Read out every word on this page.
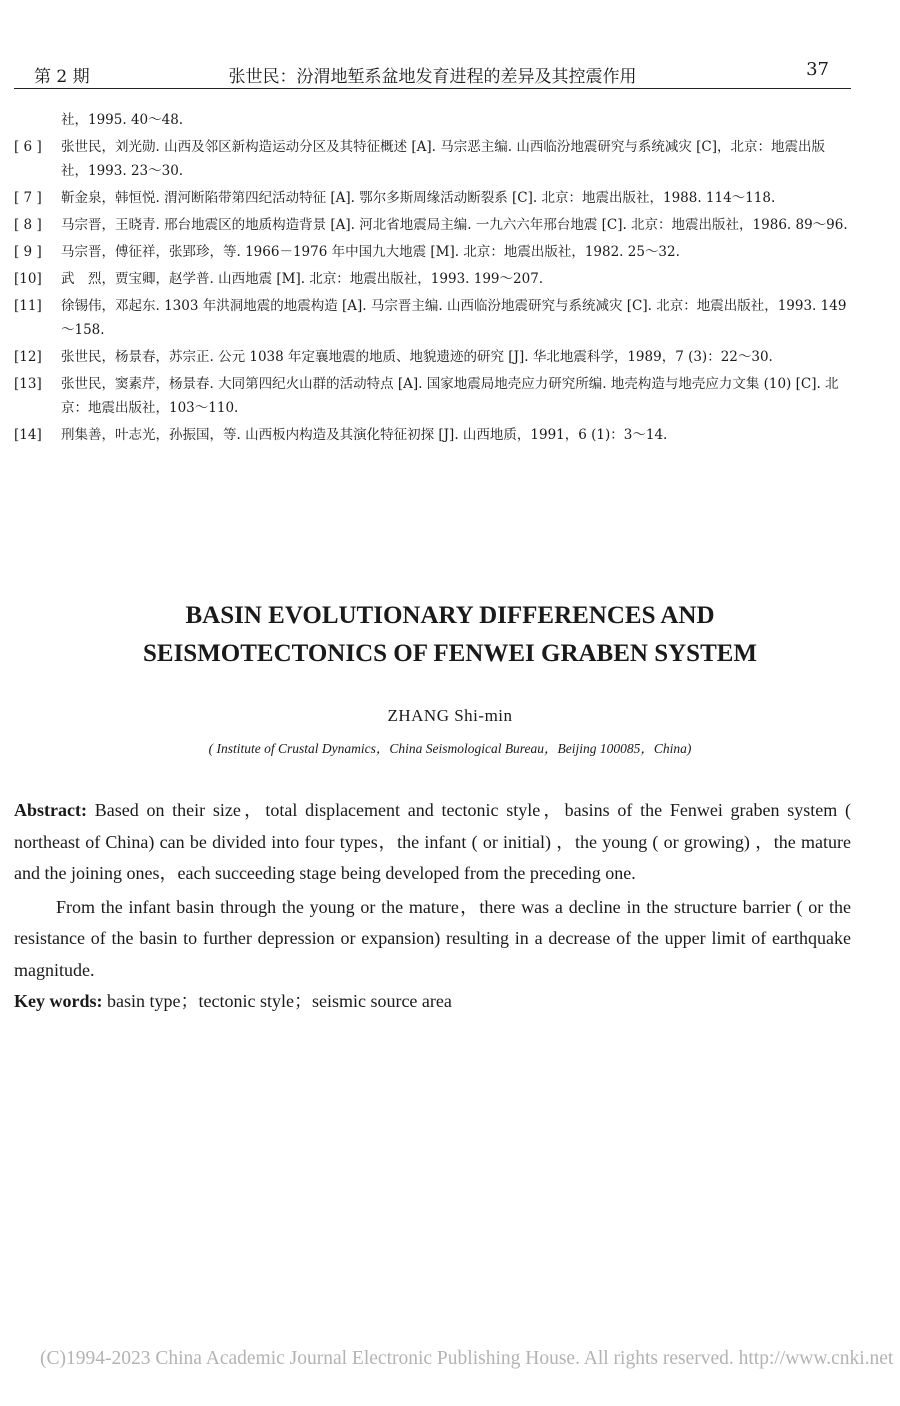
第 2 期	张世民：汾渭地堑系盆地发育进程的差异及其控震作用	37
社，1995. 40～48.
[ 6 ]	张世民，刘光勋. 山西及邻区新构造运动分区及其特征概述 [A]. 马宗恶主编. 山西临汾地震研究与系统减灾 [C]，北京：地震出版社，1993. 23～30.
[ 7 ]	靳金泉，韩恒悦. 渭河断陷带第四纪活动特征 [A]. 鄂尔多斯周缘活动断裂系 [C]. 北京：地震出版社，1988. 114～118.
[ 8 ]	马宗晋，王晓青. 邢台地震区的地质构造背景 [A]. 河北省地震局主编. 一九六六年邢台地震 [C]. 北京：地震出版社，1986. 89～96.
[ 9 ]	马宗晋，傅征祥，张郢珍，等. 1966－1976 年中国九大地震 [M]. 北京：地震出版社，1982. 25～32.
[10]	武　烈，贾宝卿，赵学普. 山西地震 [M]. 北京：地震出版社，1993. 199～207.
[11]	徐锡伟，邓起东. 1303 年洪洞地震的地震构造 [A]. 马宗晋主编. 山西临汾地震研究与系统减灾 [C]. 北京：地震出版社，1993. 149～158.
[12]	张世民，杨景春，苏宗正. 公元 1038 年定襄地震的地质、地貌遗迹的研究 [J]. 华北地震科学，1989，7 (3)：22～30.
[13]	张世民，窦素芹，杨景春. 大同第四纪火山群的活动特点 [A]. 国家地震局地壳应力研究所编. 地壳构造与地壳应力文集 (10) [C]. 北京：地震出版社，103～110.
[14]	刑集善，叶志光，孙振国，等. 山西板内构造及其演化特征初探 [J]. 山西地质，1991，6 (1)：3～14.
BASIN EVOLUTIONARY DIFFERENCES AND
SEISMOTECTONICS OF FENWEI GRABEN SYSTEM
ZHANG Shi-min
( Institute of Crustal Dynamics，China Seismological Bureau，Beijing 100085，China)

Abstract: Based on their size，total displacement and tectonic style，basins of the Fenwei graben system ( northeast of China) can be divided into four types，the infant ( or initial) ，the young ( or growing) ，the mature and the joining ones，each succeeding stage being developed from the preceding one.

From the infant basin through the young or the mature，there was a decline in the structure barrier ( or the resistance of the basin to further depression or expansion) resulting in a decrease of the upper limit of earthquake magnitude.

Key words: basin type；tectonic style；seismic source area

(C)1994-2023 China Academic Journal Electronic Publishing House. All rights reserved. http://www.cnki.net
